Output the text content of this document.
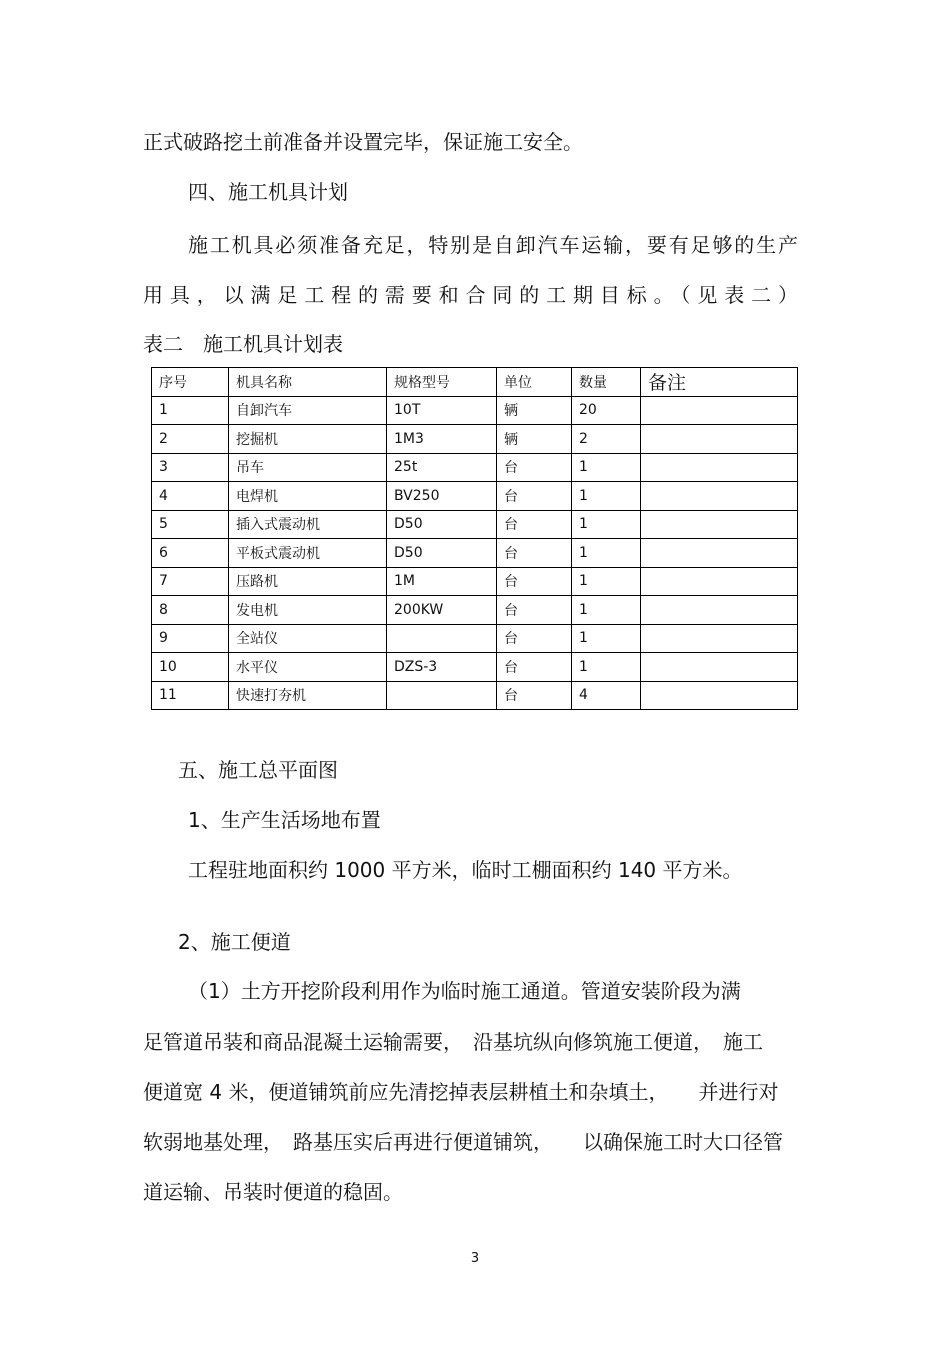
正式破路挖土前准备并设置完毕，保证施工安全。
四、施工机具计划
施工机具必须准备充足，特别是自卸汽车运输，要有足够的生产
用具，以满足工程的需要和合同的工期目标。（见表二）
表二　施工机具计划表
序号	机具名称	规格型号	单位	数量	备注
1	自卸汽车	10T	辆	20	
2	挖掘机	1M3	辆	2	
3	吊车	25t	台	1	
4	电焊机	BV250	台	1	
5	插入式震动机	D50	台	1	
6	平板式震动机	D50	台	1	
7	压路机	1M	台	1	
8	发电机	200KW	台	1	
9	全站仪		台	1	
10	水平仪	DZS-3	台	1	
11	快速打夯机		台	4	
五、施工总平面图
1、生产生活场地布置
工程驻地面积约 1000 平方米，临时工棚面积约 140 平方米。
2、施工便道
（1）土方开挖阶段利用作为临时施工通道。管道安装阶段为满
足管道吊装和商品混凝土运输需要，　沿基坑纵向修筑施工便道，　施工
便道宽 4 米，便道铺筑前应先清挖掉表层耕植土和杂填土，　　并进行对
软弱地基处理，　路基压实后再进行便道铺筑，　　以确保施工时大口径管
道运输、吊装时便道的稳固。
3
